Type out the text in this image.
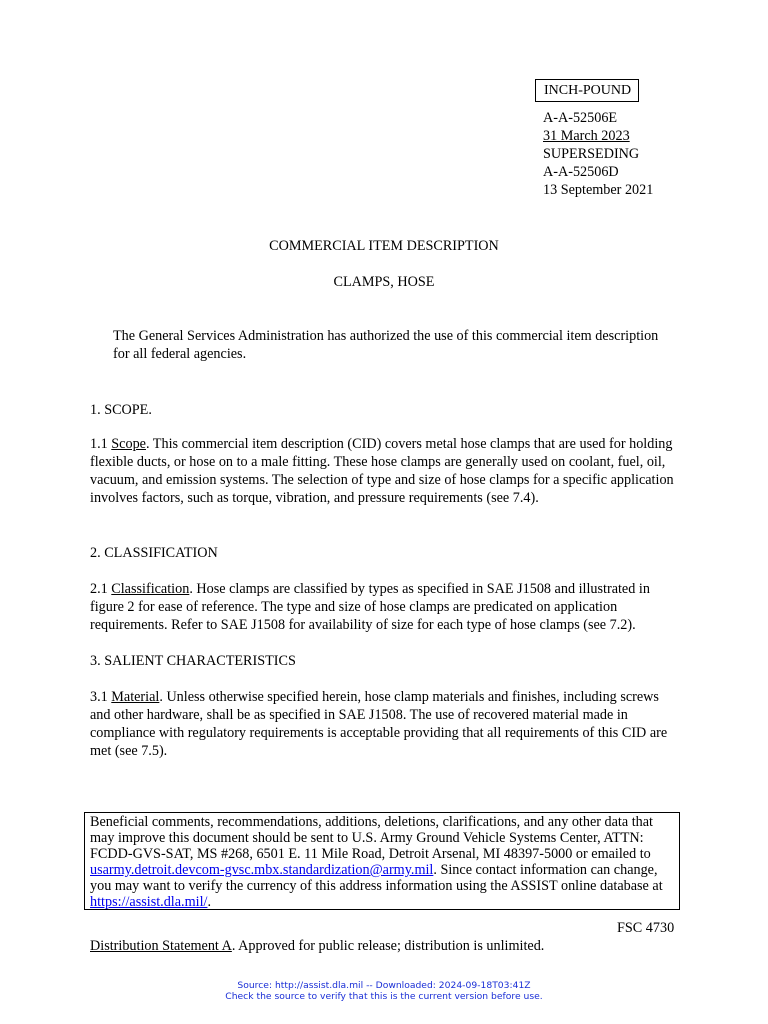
INCH-POUND
A-A-52506E
31 March 2023
SUPERSEDING
A-A-52506D
13 September 2021
COMMERCIAL ITEM DESCRIPTION
CLAMPS, HOSE
The General Services Administration has authorized the use of this commercial item description for all federal agencies.
1. SCOPE.
1.1 Scope. This commercial item description (CID) covers metal hose clamps that are used for holding flexible ducts, or hose on to a male fitting. These hose clamps are generally used on coolant, fuel, oil, vacuum, and emission systems. The selection of type and size of hose clamps for a specific application involves factors, such as torque, vibration, and pressure requirements (see 7.4).
2. CLASSIFICATION
2.1 Classification. Hose clamps are classified by types as specified in SAE J1508 and illustrated in figure 2 for ease of reference. The type and size of hose clamps are predicated on application requirements. Refer to SAE J1508 for availability of size for each type of hose clamps (see 7.2).
3. SALIENT CHARACTERISTICS
3.1 Material. Unless otherwise specified herein, hose clamp materials and finishes, including screws and other hardware, shall be as specified in SAE J1508. The use of recovered material made in compliance with regulatory requirements is acceptable providing that all requirements of this CID are met (see 7.5).
Beneficial comments, recommendations, additions, deletions, clarifications, and any other data that may improve this document should be sent to U.S. Army Ground Vehicle Systems Center, ATTN: FCDD-GVS-SAT, MS #268, 6501 E. 11 Mile Road, Detroit Arsenal, MI 48397-5000 or emailed to usarmy.detroit.devcom-gvsc.mbx.standardization@army.mil. Since contact information can change, you may want to verify the currency of this address information using the ASSIST online database at https://assist.dla.mil/.
FSC 4730
Distribution Statement A. Approved for public release; distribution is unlimited.
Source: http://assist.dla.mil -- Downloaded: 2024-09-18T03:41Z
Check the source to verify that this is the current version before use.
